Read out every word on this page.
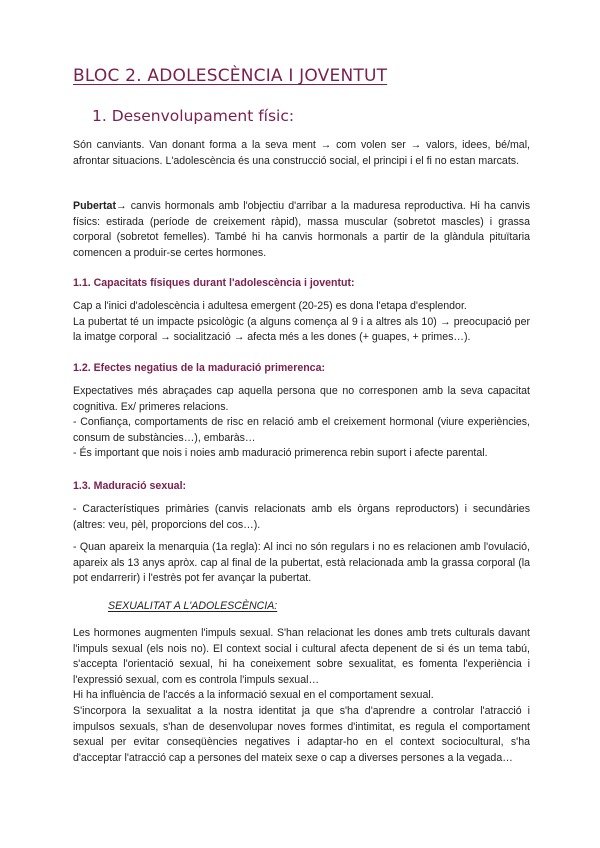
BLOC 2. ADOLESCÈNCIA I JOVENTUT
1. Desenvolupament físic:

Són canviants. Van donant forma a la seva ment → com volen ser → valors, idees, bé/mal, afrontar situacions. L'adolescència és una construcció social, el principi i el fi no estan marcats.

Pubertat→ canvis hormonals amb l'objectiu d'arribar a la maduresa reproductiva. Hi ha canvis físics: estirada (període de creixement ràpid), massa muscular (sobretot mascles) i grassa corporal (sobretot femelles). També hi ha canvis hormonals a partir de la glàndula pituïtaria comencen a produir-se certes hormones.

1.1. Capacitats físiques durant l'adolescència i joventut:
Cap a l'inici d'adolescència i adultesa emergent (20-25) es dona l'etapa d'esplendor.
La pubertat té un impacte psicològic (a alguns comença al 9 i a altres als 10) → preocupació per la imatge corporal → socialització → afecta més a les dones (+ guapes, + primes…).
1.2. Efectes negatius de la maduració primerenca:
Expectatives més abraçades cap aquella persona que no corresponen amb la seva capacitat cognitiva. Ex/ primeres relacions.
- Confiança, comportaments de risc en relació amb el creixement hormonal (viure experiències, consum de substàncies…), embaràs…
- És important que nois i noies amb maduració primerenca rebin suport i afecte parental.
1.3. Maduració sexual:

- Característiques primàries (canvis relacionats amb els òrgans reproductors) i secundàries (altres: veu, pèl, proporcions del cos…).

- Quan apareix la menarquia (1a regla): Al inci no són regulars i no es relacionen amb l'ovulació, apareix als 13 anys apròx. cap al final de la pubertat, està relacionada amb la grassa corporal (la pot endarrerir) i l'estrès pot fer avançar la pubertat.

SEXUALITAT A L'ADOLESCÈNCIA:
Les hormones augmenten l'impuls sexual. S'han relacionat les dones amb trets culturals davant l'impuls sexual (els nois no). El context social i cultural afecta depenent de si és un tema tabú, s'accepta l'orientació sexual, hi ha coneixement sobre sexualitat, es fomenta l'experiència i l'expressió sexual, com es controla l'impuls sexual…
Hi ha influència de l'accés a la informació sexual en el comportament sexual.
S'incorpora la sexualitat a la nostra identitat ja que s'ha d'aprendre a controlar l'atracció i impulsos sexuals, s'han de desenvolupar noves formes d'intimitat, es regula el comportament sexual per evitar conseqüències negatives i adaptar-ho en el context sociocultural, s'ha d'acceptar l'atracció cap a persones del mateix sexe o cap a diverses persones a la vegada…
